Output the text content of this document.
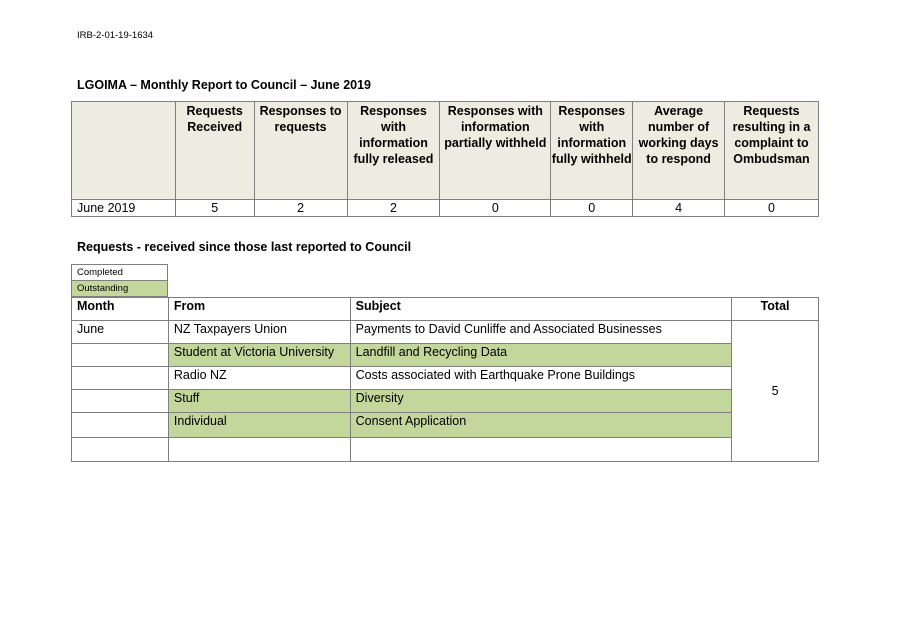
IRB-2-01-19-1634
LGOIMA – Monthly Report to Council – June 2019
	Requests Received	Responses to requests	Responses with information fully released	Responses with information partially withheld	Responses with information fully withheld	Average number of working days to respond	Requests resulting in a complaint to Ombudsman
June 2019	5	2	2	0	0	4	0
Requests - received since those last reported to Council
Completed
Outstanding
Month	From	Subject	Total
June	NZ Taxpayers Union	Payments to David Cunliffe and Associated Businesses	5
	Student at Victoria University	Landfill and Recycling Data	
	Radio NZ	Costs associated with Earthquake Prone Buildings	
	Stuff	Diversity	
	Individual	Consent Application	
